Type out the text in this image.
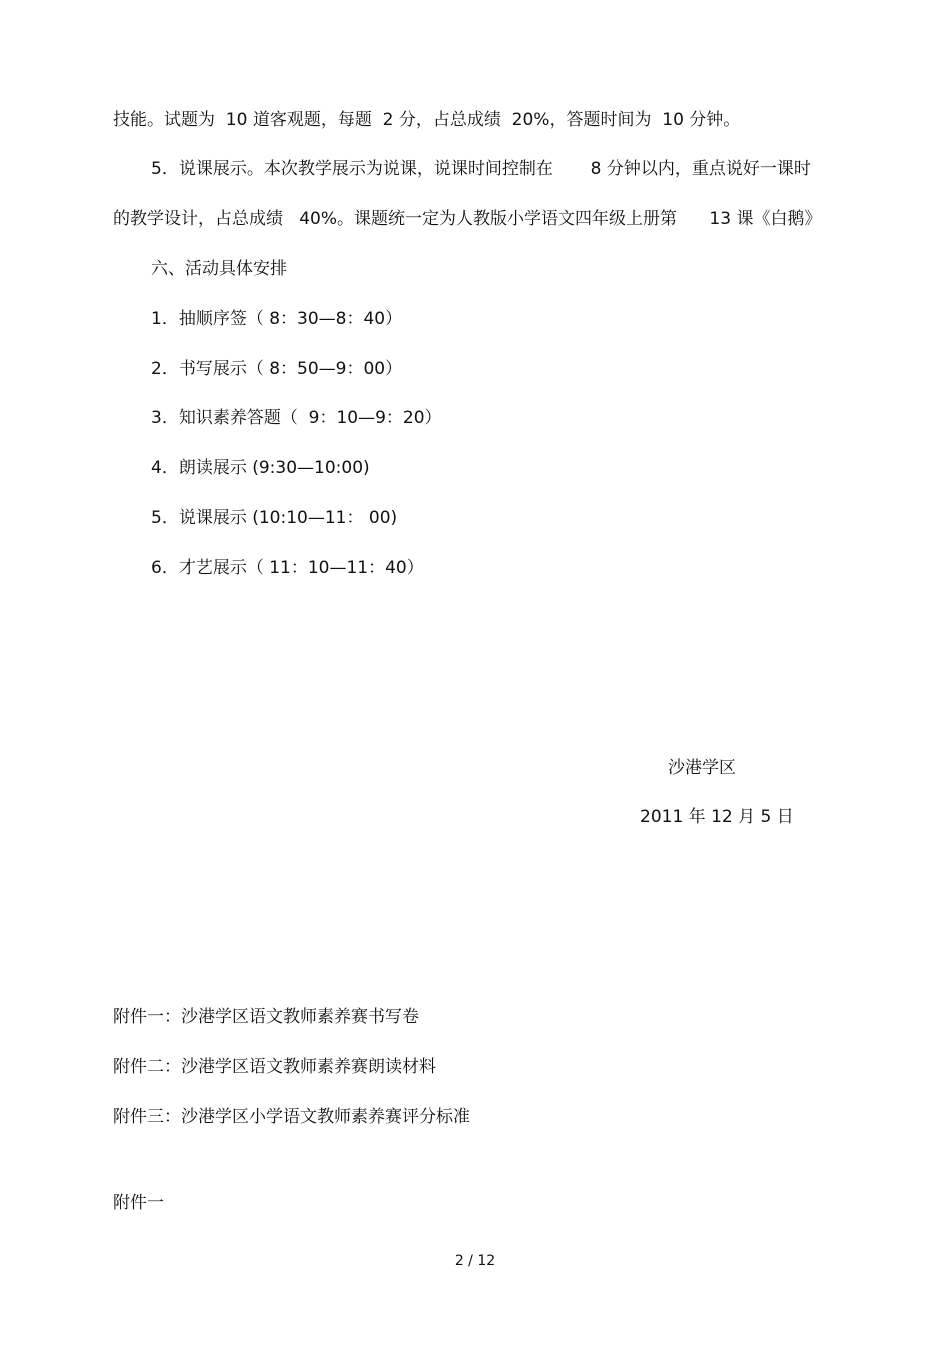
技能。试题为  10 道客观题，每题  2 分，占总成绩  20%，答题时间为  10 分钟。
5．说课展示。本次教学展示为说课，说课时间控制在       8 分钟以内，重点说好一课时
的教学设计，占总成绩   40%。课题统一定为人教版小学语文四年级上册第      13 课《白鹅》
六、活动具体安排
1．抽顺序签（ 8：30—8：40）
2．书写展示（ 8：50—9：00）
3．知识素养答题（  9：10—9：20）
4．朗读展示 (9:30—10:00)
5．说课展示 (10:10—11： 00)
6．才艺展示（ 11：10—11：40）
沙港学区
2011 年 12 月 5 日
附件一：沙港学区语文教师素养赛书写卷
附件二：沙港学区语文教师素养赛朗读材料
附件三：沙港学区小学语文教师素养赛评分标准
附件一
2 / 12
